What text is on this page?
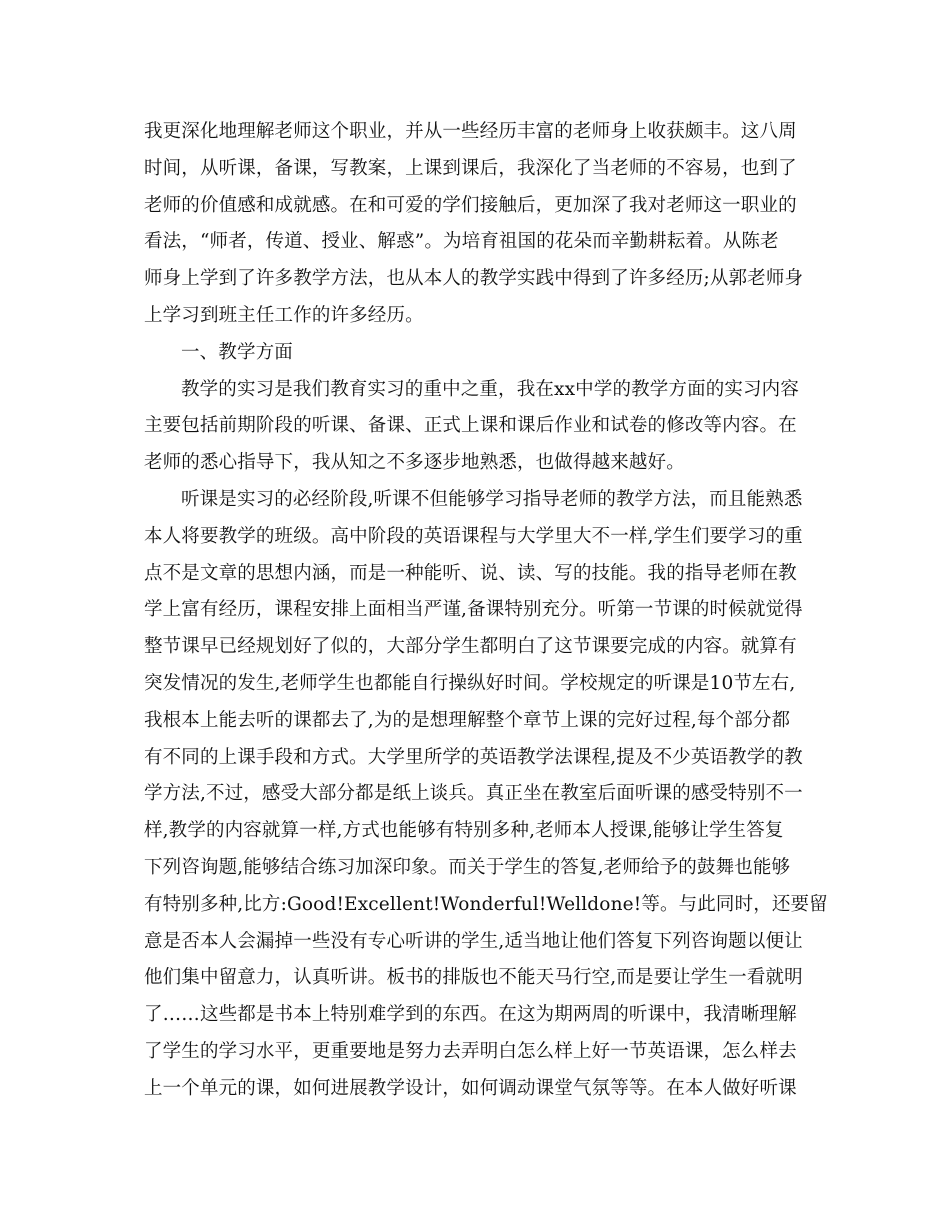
我更深化地理解老师这个职业，并从一些经历丰富的老师身上收获颇丰。这八周
时间，从听课，备课，写教案，上课到课后，我深化了当老师的不容易，也到了
老师的价值感和成就感。在和可爱的学们接触后，更加深了我对老师这一职业的
看法，“师者，传道、授业、解惑”。为培育祖国的花朵而辛勤耕耘着。从陈老
师身上学到了许多教学方法，也从本人的教学实践中得到了许多经历;从郭老师身
上学习到班主任工作的许多经历。
一、教学方面
教学的实习是我们教育实习的重中之重，我在xx中学的教学方面的实习内容
主要包括前期阶段的听课、备课、正式上课和课后作业和试卷的修改等内容。在
老师的悉心指导下，我从知之不多逐步地熟悉，也做得越来越好。
听课是实习的必经阶段,听课不但能够学习指导老师的教学方法，而且能熟悉
本人将要教学的班级。高中阶段的英语课程与大学里大不一样,学生们要学习的重
点不是文章的思想内涵，而是一种能听、说、读、写的技能。我的指导老师在教
学上富有经历，课程安排上面相当严谨,备课特别充分。听第一节课的时候就觉得
整节课早已经规划好了似的，大部分学生都明白了这节课要完成的内容。就算有
突发情况的发生,老师学生也都能自行操纵好时间。学校规定的听课是10节左右,
我根本上能去听的课都去了,为的是想理解整个章节上课的完好过程,每个部分都
有不同的上课手段和方式。大学里所学的英语教学法课程,提及不少英语教学的教
学方法,不过，感受大部分都是纸上谈兵。真正坐在教室后面听课的感受特别不一
样,教学的内容就算一样,方式也能够有特别多种,老师本人授课,能够让学生答复
下列咨询题,能够结合练习加深印象。而关于学生的答复,老师给予的鼓舞也能够
有特别多种,比方:Good!Excellent!Wonderful!Welldone!等。与此同时，还要留
意是否本人会漏掉一些没有专心听讲的学生,适当地让他们答复下列咨询题以便让
他们集中留意力，认真听讲。板书的排版也不能天马行空,而是要让学生一看就明
了……这些都是书本上特别难学到的东西。在这为期两周的听课中，我清晰理解
了学生的学习水平，更重要地是努力去弄明白怎么样上好一节英语课，怎么样去
上一个单元的课，如何进展教学设计，如何调动课堂气氛等等。在本人做好听课
